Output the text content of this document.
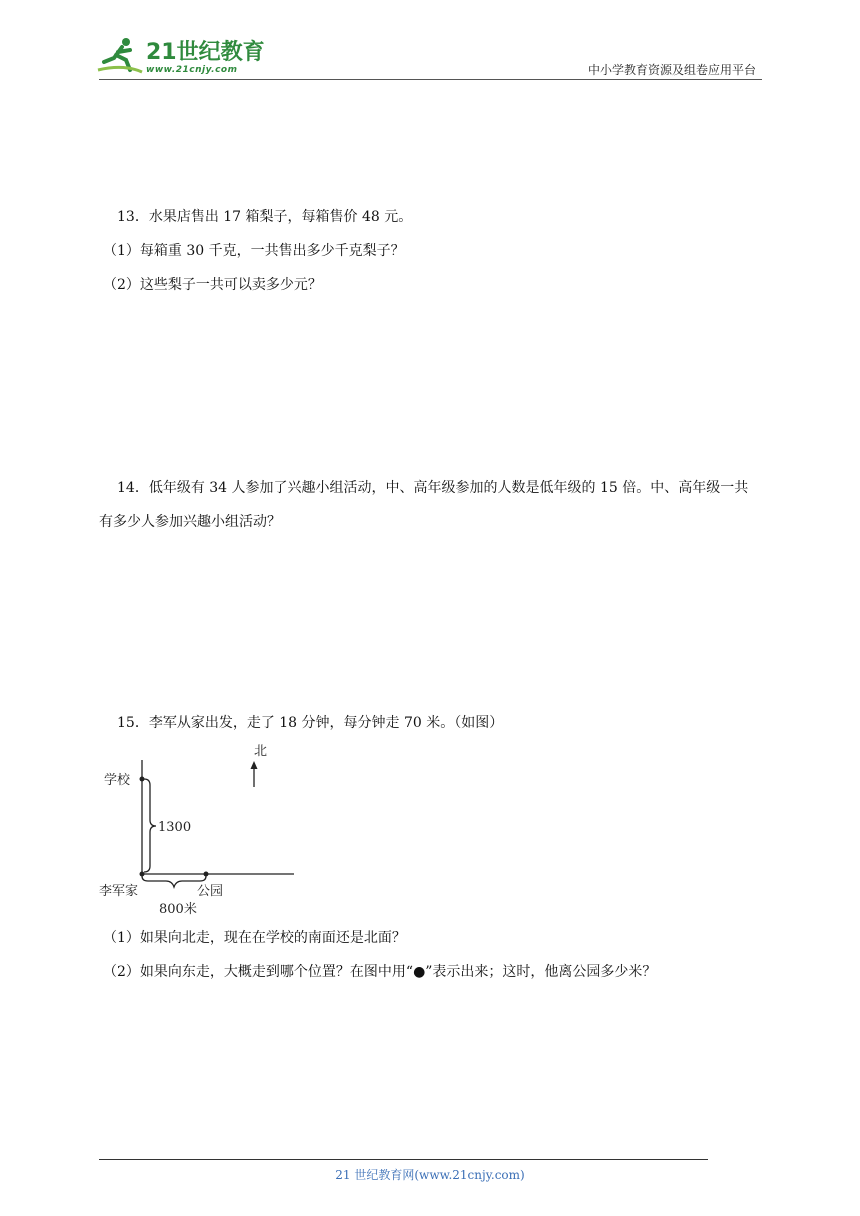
21世纪教育
www.21cnjy.com	中小学教育资源及组卷应用平台
13．水果店售出 17 箱梨子，每箱售价 48 元。
（1）每箱重 30 千克，一共售出多少千克梨子？
（2）这些梨子一共可以卖多少元？
14．低年级有 34 人参加了兴趣小组活动，中、高年级参加的人数是低年级的 15 倍。中、高年级一共
有多少人参加兴趣小组活动？
15．李军从家出发，走了 18 分钟，每分钟走 70 米。（如图）
北
学校
1300
李军家	公园
800米
（1）如果向北走，现在在学校的南面还是北面？
（2）如果向东走，大概走到哪个位置？在图中用“●”表示出来；这时，他离公园多少米？
21 世纪教育网(www.21cnjy.com)
